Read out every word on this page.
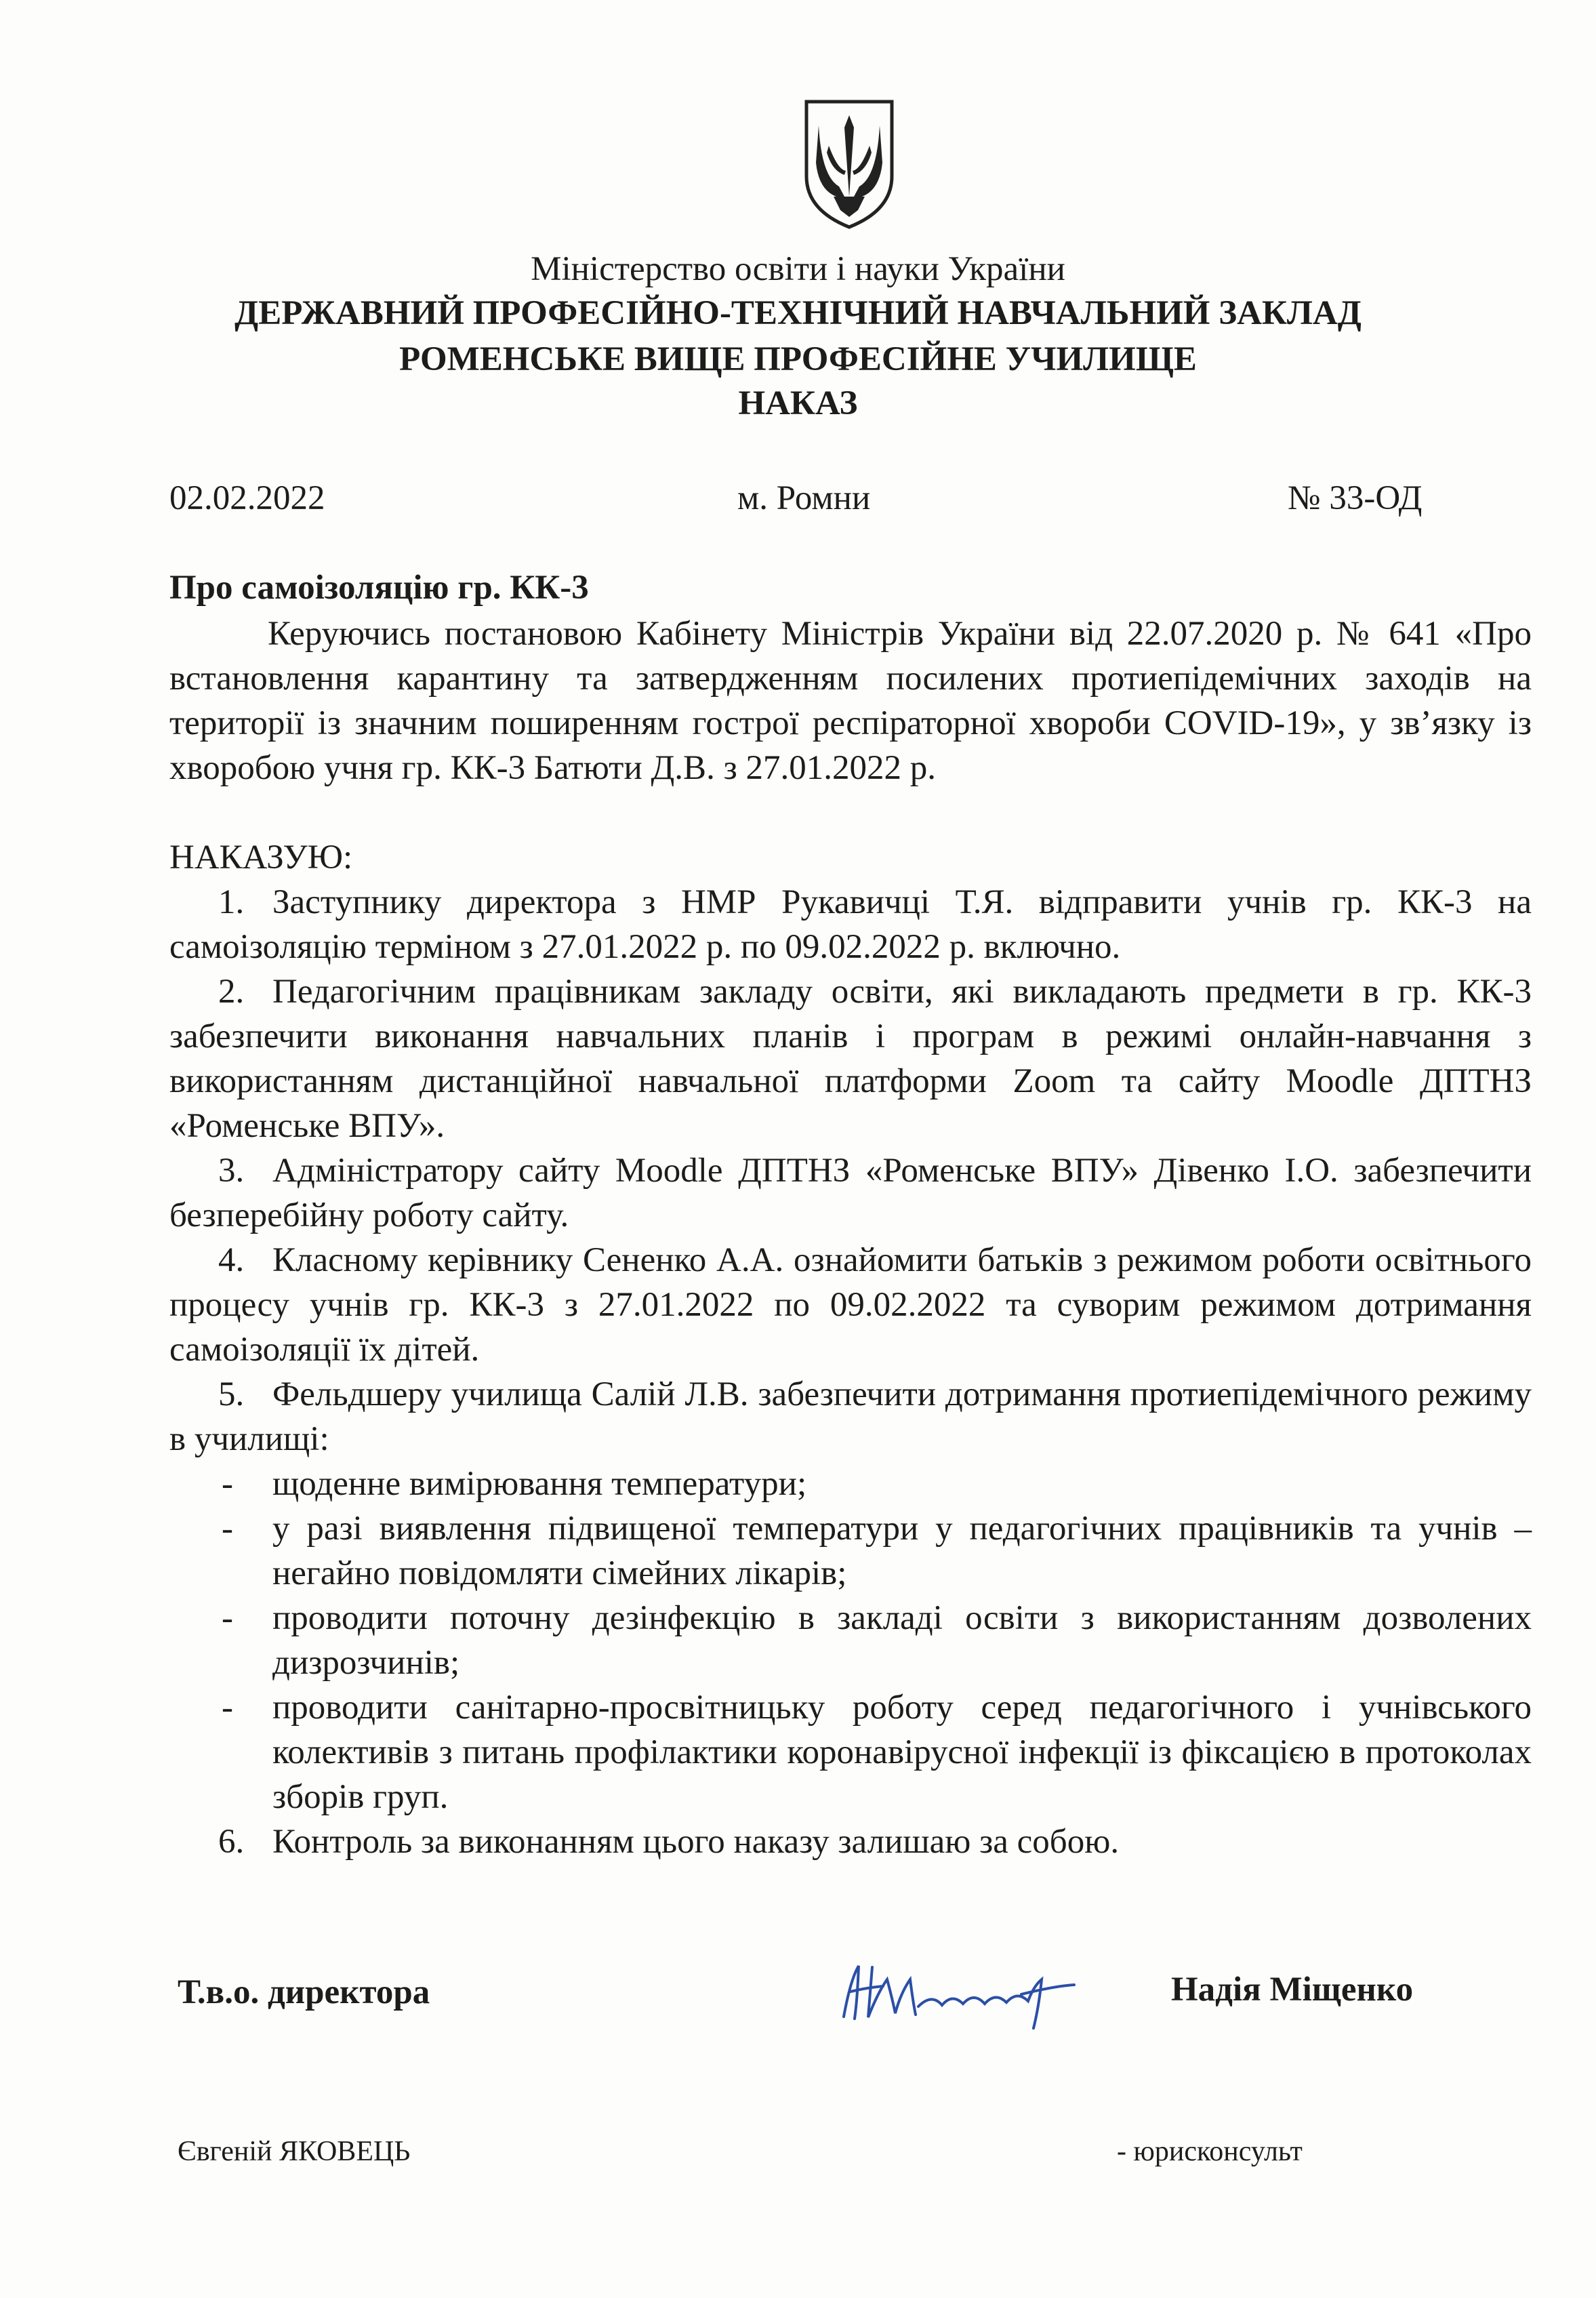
Міністерство освіти і науки України
ДЕРЖАВНИЙ ПРОФЕСІЙНО-ТЕХНІЧНИЙ НАВЧАЛЬНИЙ ЗАКЛАД
РОМЕНСЬКЕ ВИЩЕ ПРОФЕСІЙНЕ УЧИЛИЩЕ
НАКАЗ
02.02.2022	м. Ромни	№ 33-ОД
Про самоізоляцію гр. КК-3
Керуючись постановою Кабінету Міністрів України від 22.07.2020 р. № 641 «Про встановлення карантину та затвердженням посилених протиепідемічних заходів на території із значним поширенням гострої респіраторної хвороби COVID-19», у зв’язку із хворобою учня гр. КК-3 Батюти Д.В. з 27.01.2022 р.
НАКАЗУЮ:
1. Заступнику директора з НМР Рукавичці Т.Я. відправити учнів гр. КК-3 на самоізоляцію терміном з 27.01.2022 р. по 09.02.2022 р. включно.
2. Педагогічним працівникам закладу освіти, які викладають предмети в гр. КК-3 забезпечити виконання навчальних планів і програм в режимі онлайн-навчання з використанням дистанційної навчальної платформи Zoom та сайту Moodle ДПТНЗ «Роменське ВПУ».
3. Адміністратору сайту Moodle ДПТНЗ «Роменське ВПУ» Дівенко І.О. забезпечити безперебійну роботу сайту.
4. Класному керівнику Сененко А.А. ознайомити батьків з режимом роботи освітнього процесу учнів гр. КК-3 з 27.01.2022 по 09.02.2022 та суворим режимом дотримання самоізоляції їх дітей.
5. Фельдшеру училища Салій Л.В. забезпечити дотримання протиепідемічного режиму в училищі:
- щоденне вимірювання температури;
- у разі виявлення підвищеної температури у педагогічних працівників та учнів – негайно повідомляти сімейних лікарів;
- проводити поточну дезінфекцію в закладі освіти з використанням дозволених дизрозчинів;
- проводити санітарно-просвітницьку роботу серед педагогічного і учнівського колективів з питань профілактики коронавірусної інфекції із фіксацією в протоколах зборів груп.
6. Контроль за виконанням цього наказу залишаю за собою.
Т.в.о. директора	Надія Міщенко
Євгеній ЯКОВЕЦЬ	- юрисконсульт
